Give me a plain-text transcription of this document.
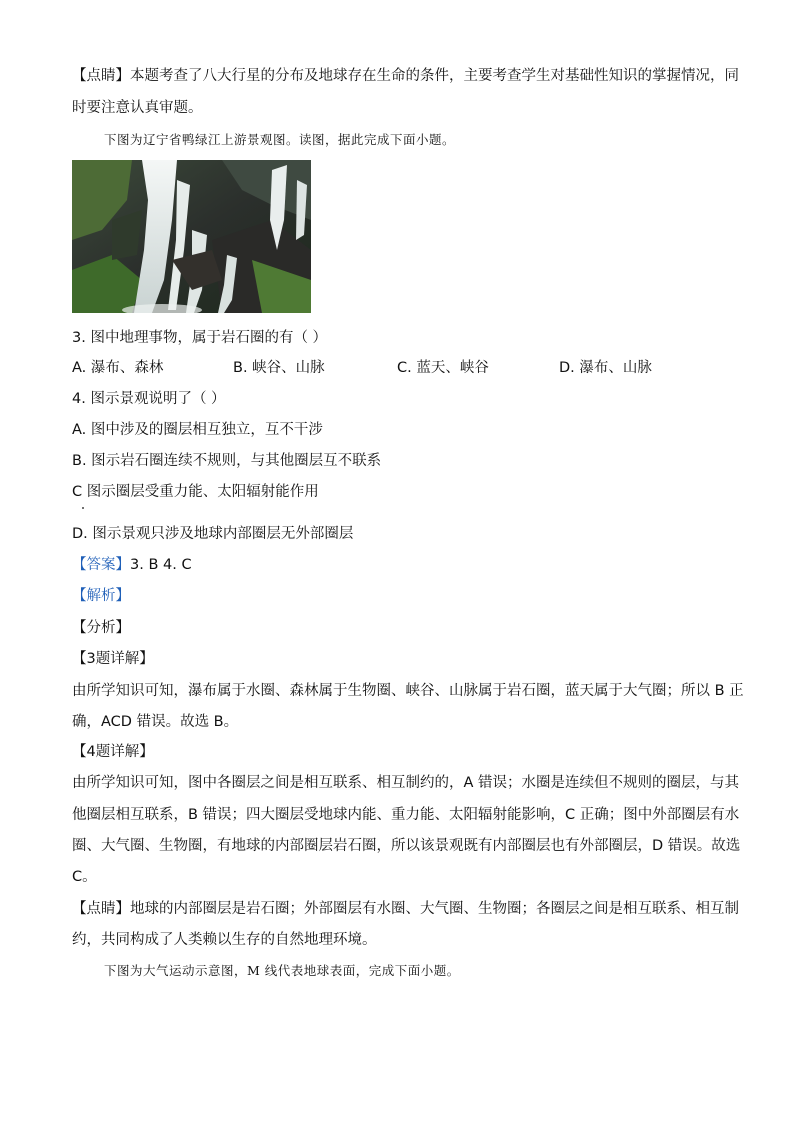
【点睛】本题考查了八大行星的分布及地球存在生命的条件，主要考查学生对基础性知识的掌握情况，同
时要注意认真审题。
下图为辽宁省鸭绿江上游景观图。读图，据此完成下面小题。
3. 图中地理事物，属于岩石圈的有（ ）
A. 瀑布、森林	B. 峡谷、山脉	C. 蓝天、峡谷	D. 瀑布、山脉
4. 图示景观说明了（ ）
A. 图中涉及的圈层相互独立，互不干涉
B. 图示岩石圈连续不规则，与其他圈层互不联系
C 图示圈层受重力能、太阳辐射能作用
D. 图示景观只涉及地球内部圈层无外部圈层
【答案】3. B 4. C
【解析】
【分析】
【3题详解】
由所学知识可知，瀑布属于水圈、森林属于生物圈、峡谷、山脉属于岩石圈，蓝天属于大气圈；所以 B 正
确，ACD 错误。故选 B。
【4题详解】
由所学知识可知，图中各圈层之间是相互联系、相互制约的，A 错误；水圈是连续但不规则的圈层，与其
他圈层相互联系，B 错误；四大圈层受地球内能、重力能、太阳辐射能影响，C 正确；图中外部圈层有水
圈、大气圈、生物圈，有地球的内部圈层岩石圈，所以该景观既有内部圈层也有外部圈层，D 错误。故选
C。
【点睛】地球的内部圈层是岩石圈；外部圈层有水圈、大气圈、生物圈；各圈层之间是相互联系、相互制
约，共同构成了人类赖以生存的自然地理环境。
下图为大气运动示意图，M 线代表地球表面，完成下面小题。
